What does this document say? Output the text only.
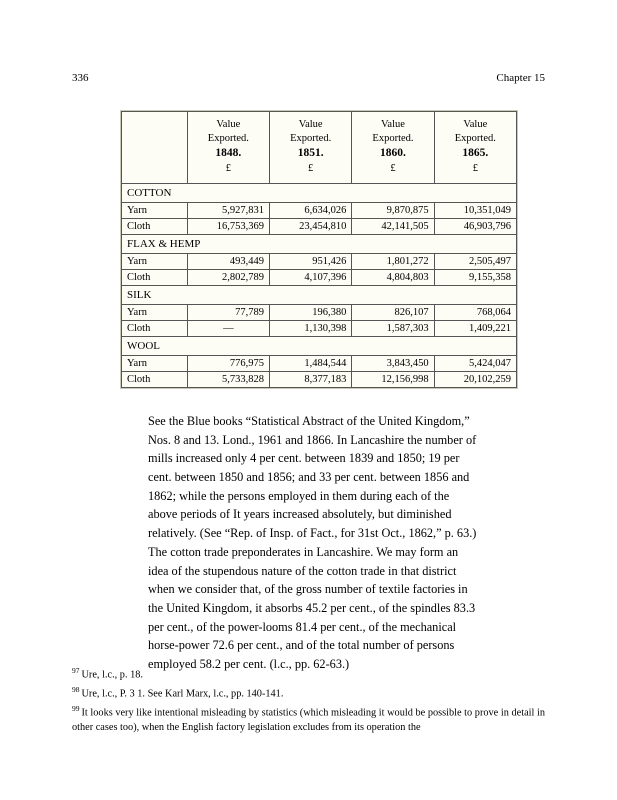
336	Chapter 15
	Value
Exported.
1848.
£	Value
Exported.
1851.
£	Value
Exported.
1860.
£	Value
Exported.
1865.
£

COTTON				
Yarn	5,927,831	6,634,026	9,870,875	10,351,049
Cloth	16,753,369	23,454,810	42,141,505	46,903,796
FLAX & HEMP				
Yarn	493,449	951,426	1,801,272	2,505,497
Cloth	2,802,789	4,107,396	4,804,803	9,155,358
SILK				
Yarn	77,789	196,380	826,107	768,064
Cloth	—	1,130,398	1,587,303	1,409,221
WOOL				
Yarn	776,975	1,484,544	3,843,450	5,424,047
Cloth	5,733,828	8,377,183	12,156,998	20,102,259

See the Blue books “Statistical Abstract of the United Kingdom,” Nos. 8 and 13. Lond., 1961 and 1866. In Lancashire the number of mills increased only 4 per cent. between 1839 and 1850; 19 per cent. between 1850 and 1856; and 33 per cent. between 1856 and 1862; while the persons employed in them during each of the above periods of It years increased absolutely, but diminished relatively. (See “Rep. of Insp. of Fact., for 31st Oct., 1862,” p. 63.) The cotton trade preponderates in Lancashire. We may form an idea of the stupendous nature of the cotton trade in that district when we consider that, of the gross number of textile factories in the United Kingdom, it absorbs 45.2 per cent., of the spindles 83.3 per cent., of the power-looms 81.4 per cent., of the mechanical horse-power 72.6 per cent., and of the total number of persons employed 58.2 per cent. (l.c., pp. 62-63.)

$^{97}$ Ure, l.c., p. 18.
$^{98}$ Ure, l.c., P. 3 1. See Karl Marx, l.c., pp. 140-141.
$^{99}$ It looks very like intentional misleading by statistics (which misleading it would be possible to prove in detail in other cases too), when the English factory legislation excludes from its operation the
